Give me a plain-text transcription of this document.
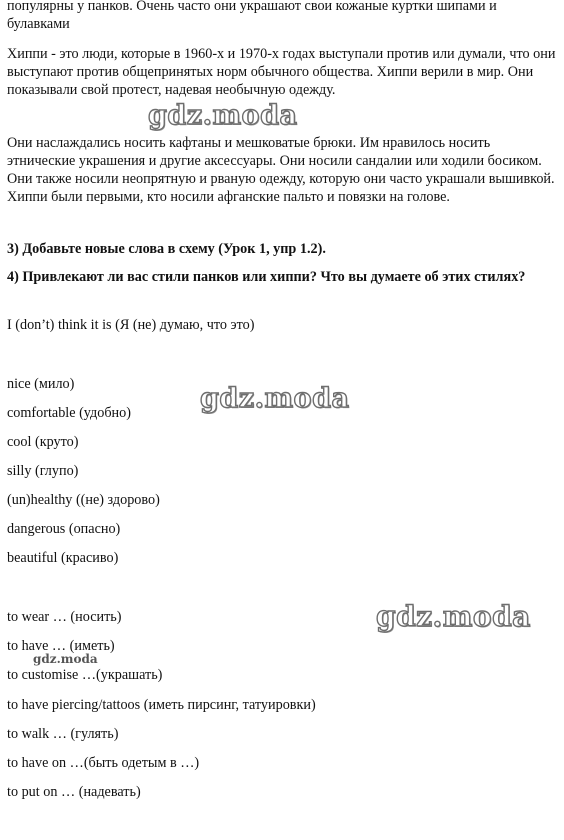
популярны у панков. Очень часто они украшают свои кожаные куртки шипами и булавками

Хиппи - это люди, которые в 1960-х и 1970-х годах выступали против или думали, что они выступают против общепринятых норм обычного общества. Хиппи верили в мир. Они показывали свой протест, надевая необычную одежду.

Они наслаждались носить кафтаны и мешковатые брюки. Им нравилось носить этнические украшения и другие аксессуары. Они носили сандалии или ходили босиком. Они также носили неопрятную и рваную одежду, которую они часто украшали вышивкой. Хиппи были первыми, кто носили афганские пальто и повязки на голове.

3) Добавьте новые слова в схему (Урок 1, упр 1.2).

4) Привлекают ли вас стили панков или хиппи? Что вы думаете об этих стилях?

I (don’t) think it is (Я (не) думаю, что это)

nice (мило)

comfortable (удобно)

cool (круто)

silly (глупо)

(un)healthy ((не) здорово)

dangerous (опасно)

beautiful (красиво)

to wear … (носить)

to have … (иметь)

to customise …(украшать)

to have piercing/tattoos (иметь пирсинг, татуировки)

to walk … (гулять)

to have on …(быть одетым в …)

to put on … (надевать)

gdz.moda
gdz.moda
gdz.moda
gdz.moda
